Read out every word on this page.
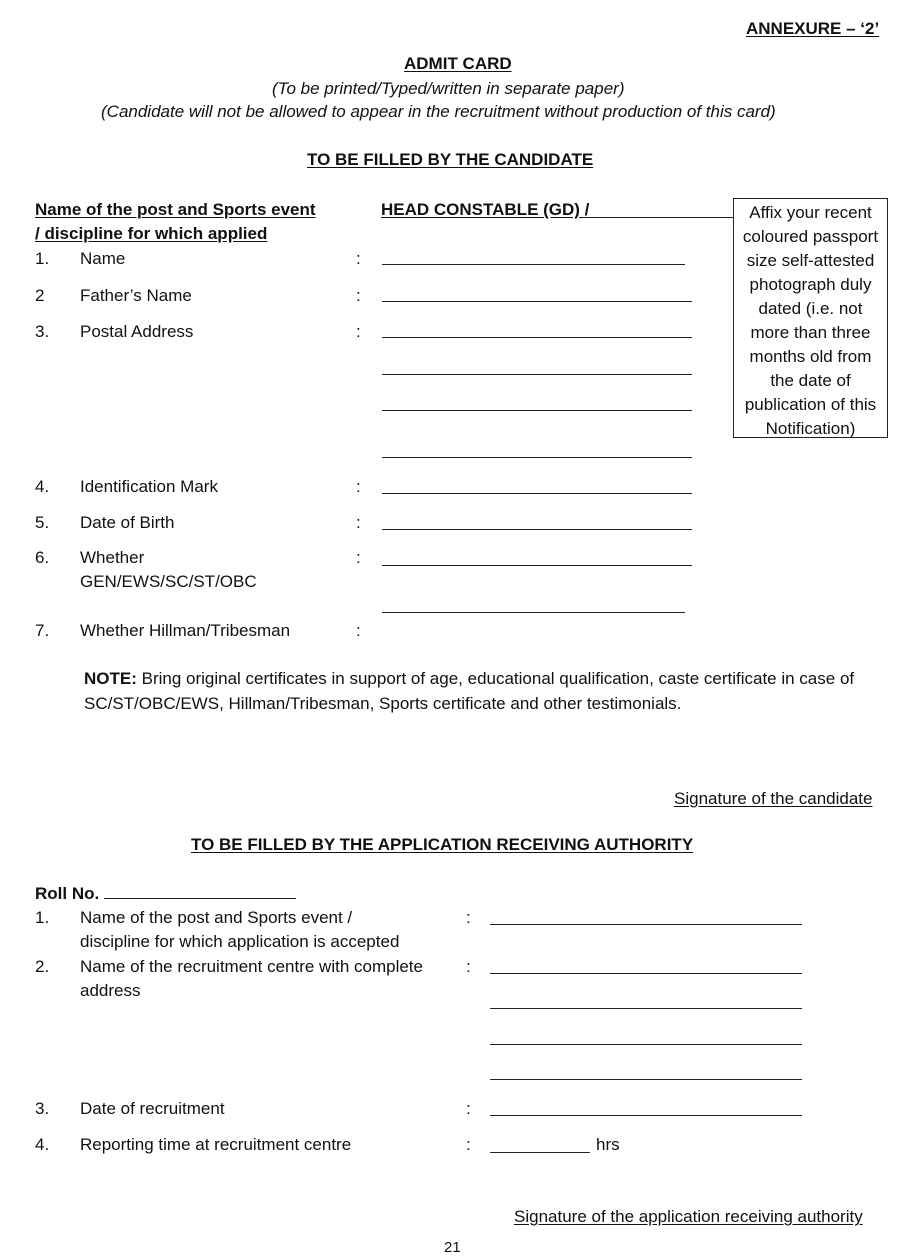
ANNEXURE – ‘2’
ADMIT CARD
(To be printed/Typed/written in separate paper)
(Candidate will not be allowed to appear in the recruitment without production of this card)
TO BE FILLED BY THE CANDIDATE
Name of the post and Sports event
/ discipline for which applied
HEAD CONSTABLE (GD) /
1. Name	:
2 Father’s Name	:
3. Postal Address	:
Affix your recent
coloured passport
size self-attested
photograph duly
dated (i.e. not
more than three
months old from
the date of
publication of this
Notification)
4. Identification Mark	:
5. Date of Birth	:
6. Whether
GEN/EWS/SC/ST/OBC
:
7. Whether Hillman/Tribesman	:
NOTE: Bring original certificates in support of age, educational qualification, caste certificate in case of SC/ST/OBC/EWS, Hillman/Tribesman, Sports certificate and other testimonials.
Signature of the candidate
TO BE FILLED BY THE APPLICATION RECEIVING AUTHORITY
Roll No.
1. Name of the post and Sports event /
discipline for which application is accepted
:
2. Name of the recruitment centre with complete
address
:
3. Date of recruitment	:
4. Reporting time at recruitment centre	:	hrs
Signature of the application receiving authority
21
